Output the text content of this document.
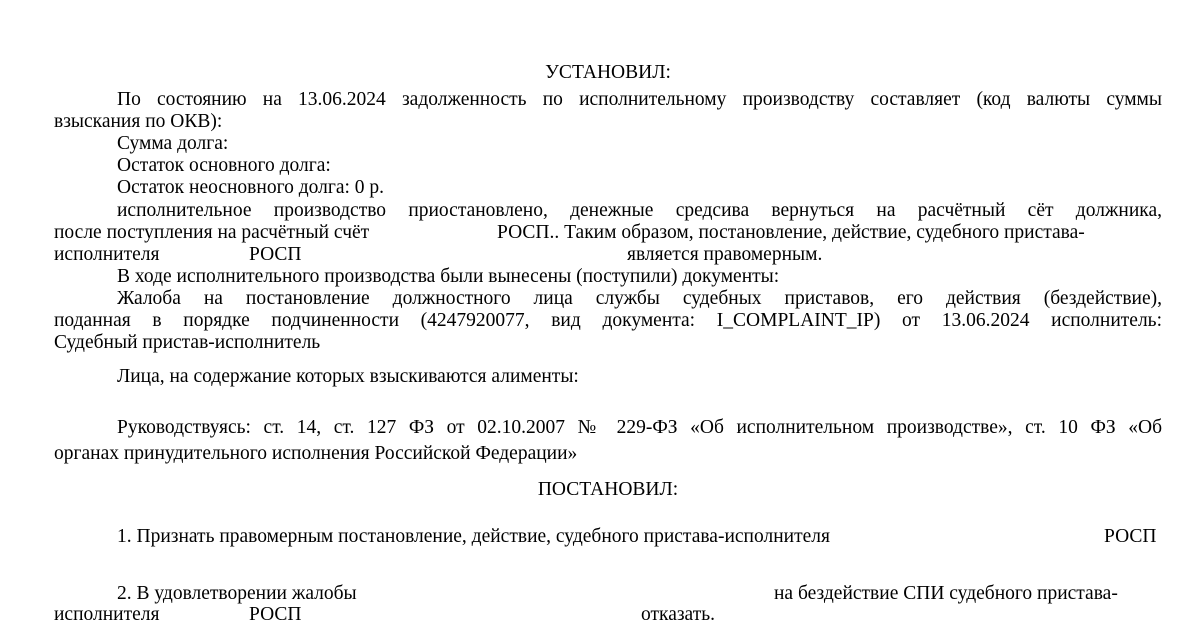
УСТАНОВИЛ:
По состоянию на 13.06.2024 задолженность по исполнительному производству составляет (код валюты суммы
взыскания по ОКВ):
Сумма долга:
Остаток основного долга:
Остаток неосновного долга: 0 р.
исполнительное производство приостановлено, денежные средсива вернуться на расчётный сёт должника,
после поступления на расчётный счёт	РОСП.. Таким образом, постановление, действие, судебного пристава-
исполнителя	РОСП	является правомерным.
В ходе исполнительного производства были вынесены (поступили) документы:
Жалоба на постановление должностного лица службы судебных приставов, его действия (бездействие),
поданная в порядке подчиненности (4247920077, вид документа: I_COMPLAINT_IP) от 13.06.2024 исполнитель:
Судебный пристав-исполнитель
Лица, на содержание которых взыскиваются алименты:
Руководствуясь: ст. 14, ст. 127 ФЗ от 02.10.2007 № 229-ФЗ «Об исполнительном производстве», ст. 10 ФЗ «Об
органах принудительного исполнения Российской Федерации»
ПОСТАНОВИЛ:
1. Признать правомерным постановление, действие, судебного пристава-исполнителя	РОСП
2. В удовлетворении жалобы	на бездействие СПИ судебного пристава-
исполнителя	РОСП	отказать.
